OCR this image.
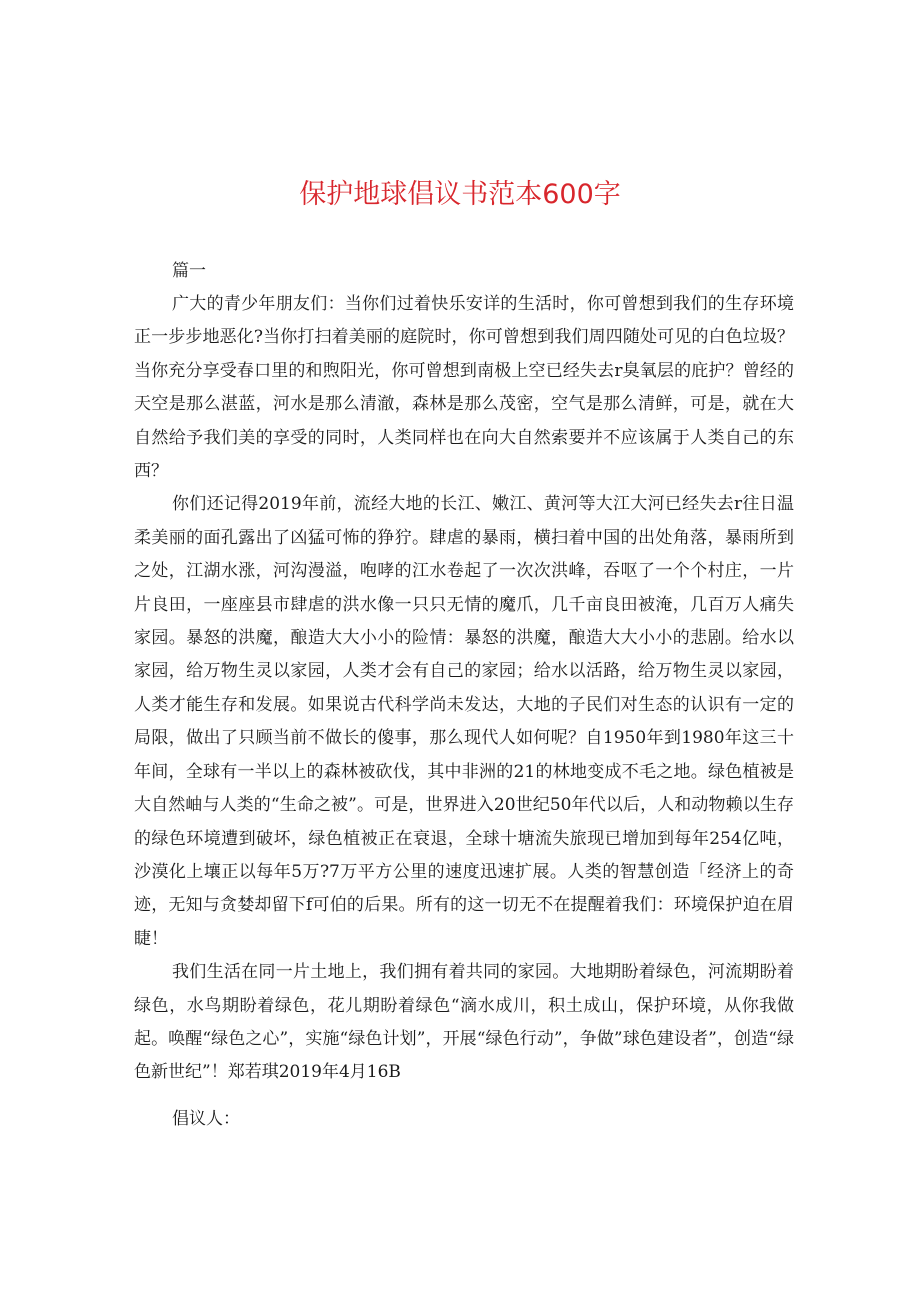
保护地球倡议书范本600字

篇一

广大的青少年朋友们：当你们过着快乐安详的生活时，你可曾想到我们的生存环境正一步步地恶化?当你打扫着美丽的庭院时，你可曾想到我们周四随处可见的白色垃圾？当你充分享受春口里的和煦阳光，你可曾想到南极上空已经失去r臭氧层的庇护？曾经的天空是那么湛蓝，河水是那么清澈，森林是那么茂密，空气是那么清鲜，可是，就在大自然给予我们美的享受的同时，人类同样也在向大自然索要并不应该属于人类自己的东西？

你们还记得2019年前，流经大地的长江、嫩江、黄河等大江大河已经失去r往日温柔美丽的面孔露出了凶猛可怖的狰狞。肆虐的暴雨，横扫着中国的出处角落，暴雨所到之处，江湖水涨，河沟漫溢，咆哮的江水卷起了一次次洪峰，吞呕了一个个村庄，一片片良田，一座座县市肆虐的洪水像一只只无情的魔爪，几千亩良田被淹，几百万人痛失家园。暴怒的洪魔，酿造大大小小的险情：暴怒的洪魔，酿造大大小小的悲剧。给水以家园，给万物生灵以家园，人类才会有自己的家园；给水以活路，给万物生灵以家园，人类才能生存和发展。如果说古代科学尚未发达，大地的子民们对生态的认识有一定的局限，做出了只顾当前不做长的傻事，那么现代人如何呢？自1950年到1980年这三十年间，全球有一半以上的森林被砍伐，其中非洲的21的林地变成不毛之地。绿色植被是大自然岫与人类的“生命之被”。可是，世界进入20世纪50年代以后，人和动物赖以生存的绿色环境遭到破坏，绿色植被正在衰退，全球十塘流失旅现已增加到每年254亿吨，沙漠化上壤正以每年5万?7万平方公里的速度迅速扩展。人类的智慧创造「经济上的奇迹，无知与贪婪却留下f可伯的后果。所有的这一切无不在提醒着我们：环境保护迫在眉睫！

我们生活在同一片土地上，我们拥有着共同的家园。大地期盼着绿色，河流期盼着绿色，水鸟期盼着绿色，花儿期盼着绿色“滴水成川，积土成山，保护环境，从你我做起。唤醒“绿色之心”，实施“绿色计划”，开展“绿色行动”，争做”球色建设者”，创造“绿色新世纪”！郑若琪2019年4月16B

倡议人：
